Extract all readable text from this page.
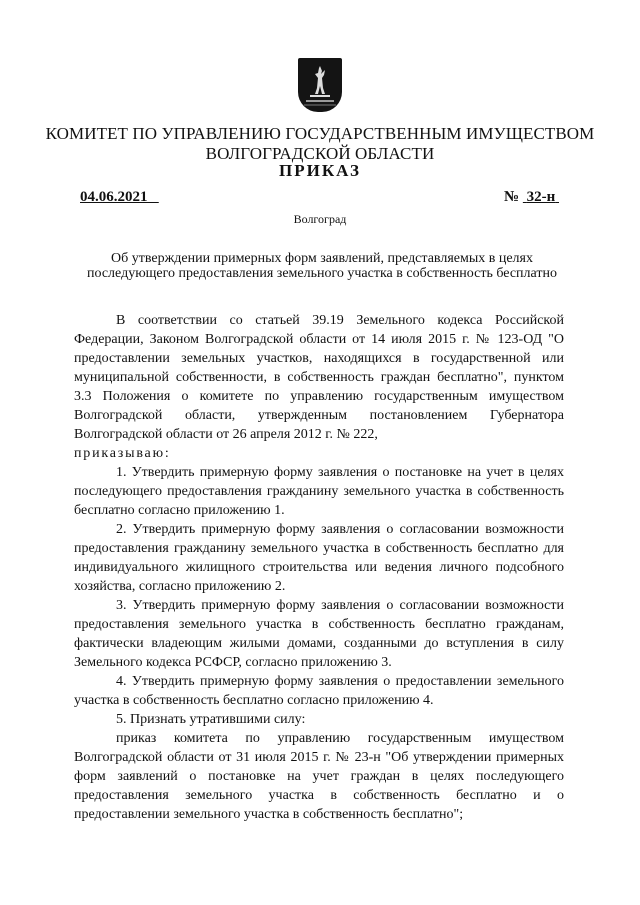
КОМИТЕТ ПО УПРАВЛЕНИЮ ГОСУДАРСТВЕННЫМ ИМУЩЕСТВОМ ВОЛГОГРАДСКОЙ ОБЛАСТИ
ПРИКАЗ
04.06.2021	№ 32-н
Волгоград
Об утверждении примерных форм заявлений, представляемых в целях последующего предоставления земельного участка в собственность бесплатно

В соответствии со статьей 39.19 Земельного кодекса Российской Федерации, Законом Волгоградской области от 14 июля 2015 г. № 123-ОД "О предоставлении земельных участков, находящихся в государственной или муниципальной собственности, в собственность граждан бесплатно", пунктом 3.3 Положения о комитете по управлению государственным имуществом Волгоградской области, утвержденным постановлением Губернатора Волгоградской области от 26 апреля 2012 г. № 222,

приказываю:

1. Утвердить примерную форму заявления о постановке на учет в целях последующего предоставления гражданину земельного участка в собственность бесплатно согласно приложению 1.

2. Утвердить примерную форму заявления о согласовании возможности предоставления гражданину земельного участка в собственность бесплатно для индивидуального жилищного строительства или ведения личного подсобного хозяйства, согласно приложению 2.

3. Утвердить примерную форму заявления о согласовании возможности предоставления земельного участка в собственность бесплатно гражданам, фактически владеющим жилыми домами, созданными до вступления в силу Земельного кодекса РСФСР, согласно приложению 3.

4. Утвердить примерную форму заявления о предоставлении земельного участка в собственность бесплатно согласно приложению 4.

5. Признать утратившими силу:

приказ комитета по управлению государственным имуществом Волгоградской области от 31 июля 2015 г. № 23-н "Об утверждении примерных форм заявлений о постановке на учет граждан в целях последующего предоставления земельного участка в собственность бесплатно и о предоставлении земельного участка в собственность бесплатно";
